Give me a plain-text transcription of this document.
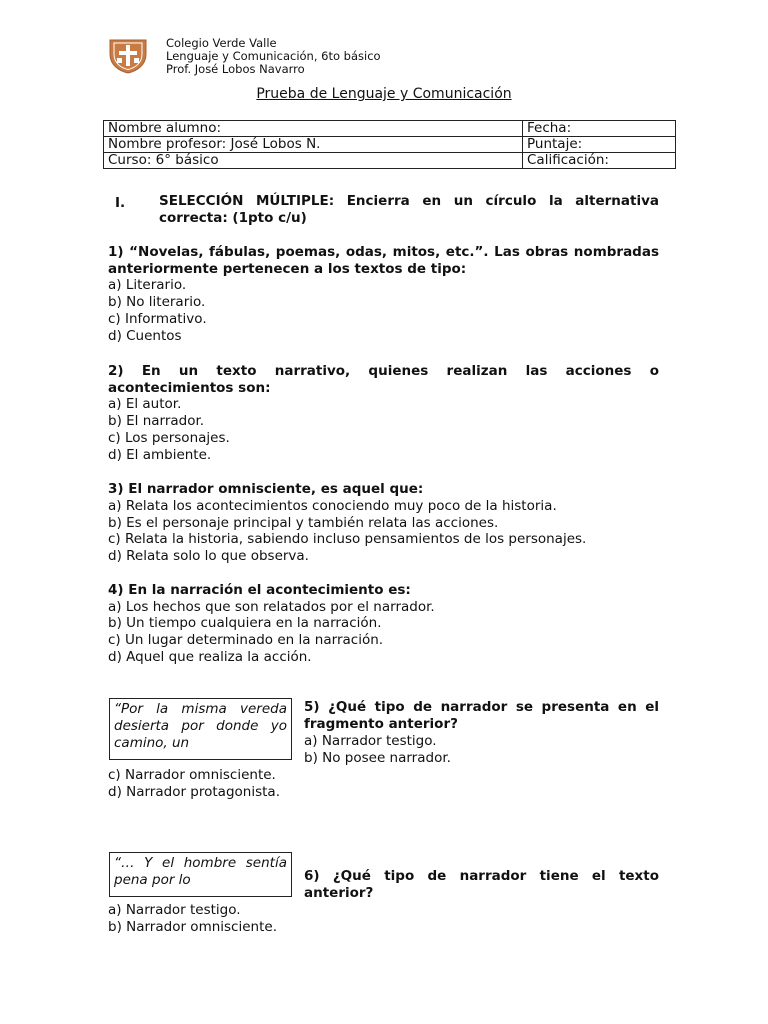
Colegio Verde Valle
Lenguaje y Comunicación, 6to básico
Prof. José Lobos Navarro
Prueba de Lenguaje y Comunicación
Nombre alumno:	Fecha:
Nombre profesor: José Lobos N.	Puntaje:
Curso: 6° básico	Calificación:
I.	SELECCIÓN MÚLTIPLE: Encierra en un círculo la alternativa correcta: (1pto c/u)
1) “Novelas, fábulas, poemas, odas, mitos, etc.”. Las obras nombradas anteriormente pertenecen a los textos de tipo:
a) Literario.
b) No literario.
c) Informativo.
d) Cuentos
2) En un texto narrativo, quienes realizan las acciones o acontecimientos son:
a) El autor.
b) El narrador.
c) Los personajes.
d) El ambiente.
3) El narrador omnisciente, es aquel que:
a) Relata los acontecimientos conociendo muy poco de la historia.
b) Es el personaje principal y también relata las acciones.
c) Relata la historia, sabiendo incluso pensamientos de los personajes.
d) Relata solo lo que observa.
4) En la narración el acontecimiento es:
a) Los hechos que son relatados por el narrador.
b) Un tiempo cualquiera en la narración.
c) Un lugar determinado en la narración.
d) Aquel que realiza la acción.
“Por la misma vereda desierta por donde yo camino, un
5) ¿Qué tipo de narrador se presenta en el fragmento anterior?
a) Narrador testigo.
b) No posee narrador.
c) Narrador omnisciente.
d) Narrador protagonista.
“… Y el hombre sentía pena por lo	6) ¿Qué tipo de narrador tiene el texto anterior?
a) Narrador testigo.
b) Narrador omnisciente.
